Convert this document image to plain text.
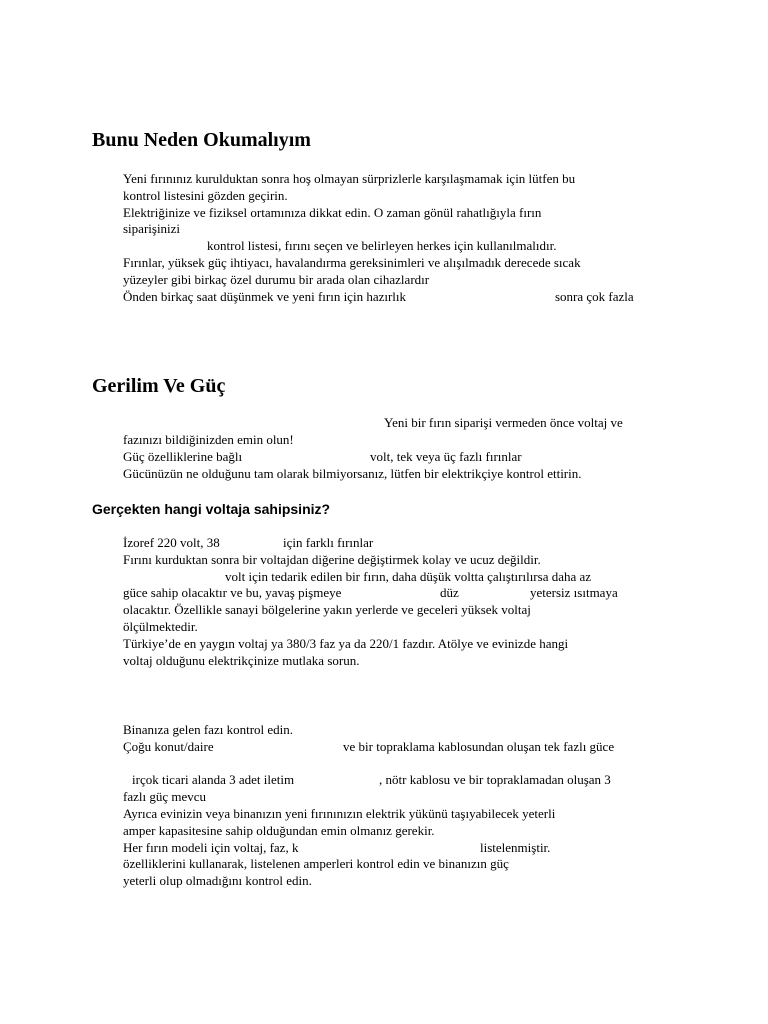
Bunu Neden Okumalıyım

Yeni fırınınız kurulduktan sonra hoş olmayan sürprizlerle karşılaşmamak için lütfen bu

kontrol listesini gözden geçirin.

Elektriğinize ve fiziksel ortamınıza dikkat edin. O zaman gönül rahatlığıyla fırın

siparişinizi

kontrol listesi, fırını seçen ve belirleyen herkes için kullanılmalıdır.

Fırınlar, yüksek güç ihtiyacı, havalandırma gereksinimleri ve alışılmadık derecede sıcak

yüzeyler gibi birkaç özel durumu bir arada olan cihazlardır

Önden birkaç saat düşünmek ve yeni fırın için hazırlık	sonra çok fazla

Gerilim Ve Güç

Yeni bir fırın siparişi vermeden önce voltaj ve

fazınızı bildiğinizden emin olun!

Güç özelliklerine bağlı	volt, tek veya üç fazlı fırınlar

Gücünüzün ne olduğunu tam olarak bilmiyorsanız, lütfen bir elektrikçiye kontrol ettirin.

Gerçekten hangi voltaja sahipsiniz?

İzoref 220 volt, 38	için farklı fırınlar

Fırını kurduktan sonra bir voltajdan diğerine değiştirmek kolay ve ucuz değildir.

volt için tedarik edilen bir fırın, daha düşük voltta çalıştırılırsa daha az

güce sahip olacaktır ve bu, yavaş pişmeye	düz	yetersiz ısıtmaya

olacaktır. Özellikle sanayi bölgelerine yakın yerlerde ve geceleri yüksek voltaj

ölçülmektedir.

Türkiye’de en yaygın voltaj ya 380/3 faz ya da 220/1 fazdır. Atölye ve evinizde hangi

voltaj olduğunu elektrikçinize mutlaka sorun.

Binanıza gelen fazı kontrol edin.

Çoğu konut/daire	ve bir topraklama kablosundan oluşan tek fazlı güce

irçok ticari alanda 3 adet iletim	, nötr kablosu ve bir topraklamadan oluşan 3

fazlı güç mevcu

Ayrıca evinizin veya binanızın yeni fırınınızın elektrik yükünü taşıyabilecek yeterli

amper kapasitesine sahip olduğundan emin olmanız gerekir.

Her fırın modeli için voltaj, faz, k	listelenmiştir.

özelliklerini kullanarak, listelenen amperleri kontrol edin ve binanızın güç

yeterli olup olmadığını kontrol edin.
